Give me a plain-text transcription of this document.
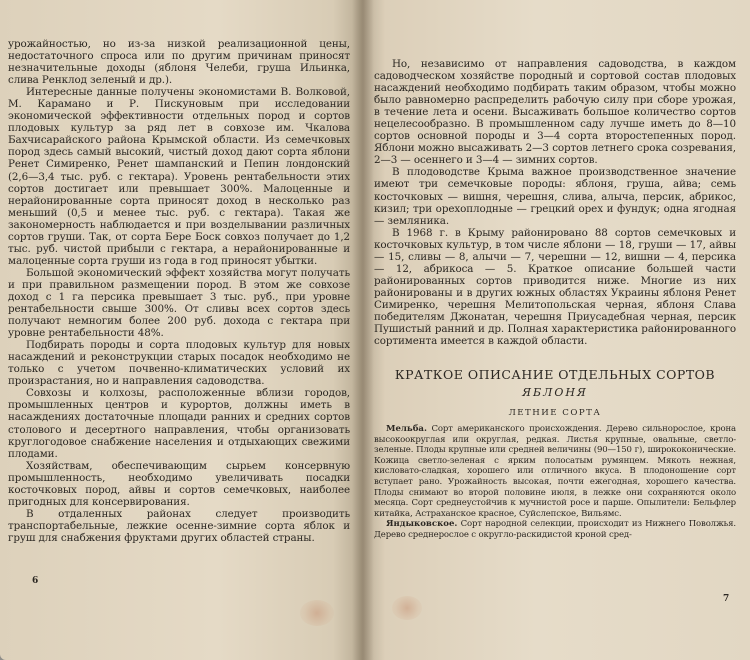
урожайностью, но из-за низкой реализационной цены, недостаточного спроса или по другим причинам приносят незначительные доходы (яблоня Челеби, груша Ильинка, слива Ренклод зеленый и др.).

Интересные данные получены экономистами В. Волковой, М. Карамано и Р. Пискуновым при исследовании экономической эффективности отдельных пород и сортов плодовых культур за ряд лет в совхозе им. Чкалова Бахчисарайского района Крымской области. Из семечковых пород здесь самый высокий, чистый доход дают сорта яблони Ренет Симиренко, Ренет шампанский и Пепин лондонский (2,6—3,4 тыс. руб. с гектара). Уровень рентабельности этих сортов достигает или превышает 300%. Малоценные и нерайонированные сорта приносят доход в несколько раз меньший (0,5 и менее тыс. руб. с гектара). Такая же закономерность наблюдается и при возделывании различных сортов груши. Так, от сорта Бере Боск совхоз получает до 1,2 тыс. руб. чистой прибыли с гектара, а нерайонированные и малоценные сорта груши из года в год приносят убытки.

Большой экономический эффект хозяйства могут получать и при правильном размещении пород. В этом же совхозе доход с 1 га персика превышает 3 тыс. руб., при уровне рентабельности свыше 300%. От сливы всех сортов здесь получают немногим более 200 руб. дохода с гектара при уровне рентабельности 48%.

Подбирать породы и сорта плодовых культур для новых насаждений и реконструкции старых посадок необходимо не только с учетом почвенно-климатических условий их произрастания, но и направления садоводства.

Совхозы и колхозы, расположенные вблизи городов, промышленных центров и курортов, должны иметь в насаждениях достаточные площади ранних и средних сортов столового и десертного направления, чтобы организовать круглогодовое снабжение населения и отдыхающих свежими плодами.

Хозяйствам, обеспечивающим сырьем консервную промышленность, необходимо увеличивать посадки косточковых пород, айвы и сортов семечковых, наиболее пригодных для консервирования.

В отдаленных районах следует производить транспортабельные, лежкие осенне-зимние сорта яблок и груш для снабжения фруктами других областей страны.

6

Но, независимо от направления садоводства, в каждом садоводческом хозяйстве породный и сортовой состав плодовых насаждений необходимо подбирать таким образом, чтобы можно было равномерно распределить рабочую силу при сборе урожая, в течение лета и осени. Высаживать большое количество сортов нецелесообразно. В промышленном саду лучше иметь до 8—10 сортов основной породы и 3—4 сорта второстепенных пород. Яблони можно высаживать 2—3 сортов летнего срока созревания, 2—3 — осеннего и 3—4 — зимних сортов.

В плодоводстве Крыма важное производственное значение имеют три семечковые породы: яблоня, груша, айва; семь косточковых — вишня, черешня, слива, алыча, персик, абрикос, кизил; три орехоплодные — грецкий орех и фундук; одна ягодная — земляника.

В 1968 г. в Крыму районировано 88 сортов семечковых и косточковых культур, в том числе яблони — 18, груши — 17, айвы — 15, сливы — 8, алычи — 7, черешни — 12, вишни — 4, персика — 12, абрикоса — 5. Краткое описание большей части районированных сортов приводится ниже. Многие из них районированы и в других южных областях Украины яблоня Ренет Симиренко, черешня Мелитопольская черная, яблоня Слава победителям Джонатан, черешня Приусадебная черная, персик Пушистый ранний и др. Полная характеристика районированного сортимента имеется в каждой области.

КРАТКОЕ ОПИСАНИЕ ОТДЕЛЬНЫХ СОРТОВ
ЯБЛОНЯ
ЛЕТНИЕ СОРТА

Мельба. Сорт американского происхождения. Дерево сильнорослое, крона высокоокруглая или округлая, редкая. Листья крупные, овальные, светло-зеленые. Плоды крупные или средней величины (90—150 г), ширококонические. Кожица светло-зеленая с ярким полосатым румянцем. Мякоть нежная, кисловато-сладкая, хорошего или отличного вкуса. В плодоношение сорт вступает рано. Урожайность высокая, почти ежегодная, хорошего качества. Плоды снимают во второй половине июля, в лежке они сохраняются около месяца. Сорт среднеустойчив к мучнистой росе и парше. Опылители: Бельфлер китайка, Астраханское красное, Суйслепское, Вильямс.

Яндыковское. Сорт народной селекции, происходит из Нижнего Поволжья. Дерево среднерослое с округло-раскидистой кроной сред-

7
